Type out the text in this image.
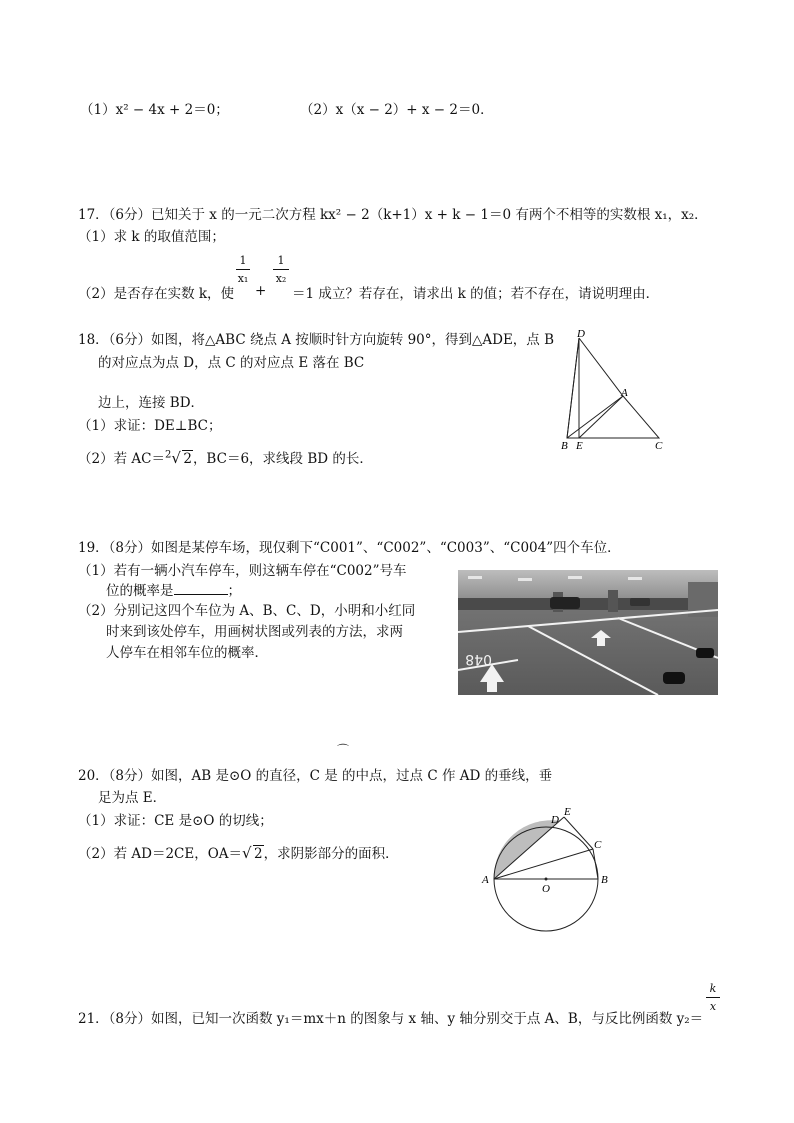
（1）x² − 4x + 2＝0；	（2）x（x − 2）+ x − 2＝0．
17．（6分）已知关于 x 的一元二次方程 kx² − 2（k+1）x + k − 1＝0 有两个不相等的实数根 x₁，x₂．
（1）求 k 的取值范围；
（2）是否存在实数 k，使
1
x₁
+
1
x₂
＝1 成立？若存在，请求出 k 的值；若不存在，请说明理由．
18．（6分）如图，将△ABC 绕点 A 按顺时针方向旋转 90°，得到△ADE，点 B
的对应点为点 D，点 C 的对应点 E 落在 BC
边上，连接 BD．
（1）求证：DE⊥BC；
（2）若 AC＝$^2$ √ 2，BC＝6，求线段 BD 的长．
D
A
B E	C
19．（8分）如图是某停车场，现仅剩下“C001”、“C002”、“C003”、“C004”四个车位．
（1）若有一辆小汽车停车，则这辆车停在“C002”号车
位的概率是	；
（2）分别记这四个车位为 A、B、C、D，小明和小红同
时来到该处停车，用画树状图或列表的方法，求两
人停车在相邻车位的概率．	048
⌒
20．（8分）如图，AB 是⊙O 的直径，C 是 的中点，过点 C 作 AD 的垂线，垂
足为点 E．
（1）求证：CE 是⊙O 的切线；
（2）若 AD＝2CE，OA＝ √ 2，求阴影部分的面积．
E
D
C
A
O
B
21．（8分）如图，已知一次函数 y₁＝mx＋n 的图象与 x 轴、y 轴分别交于点 A、B，与反比例函数 y₂＝
k
x
